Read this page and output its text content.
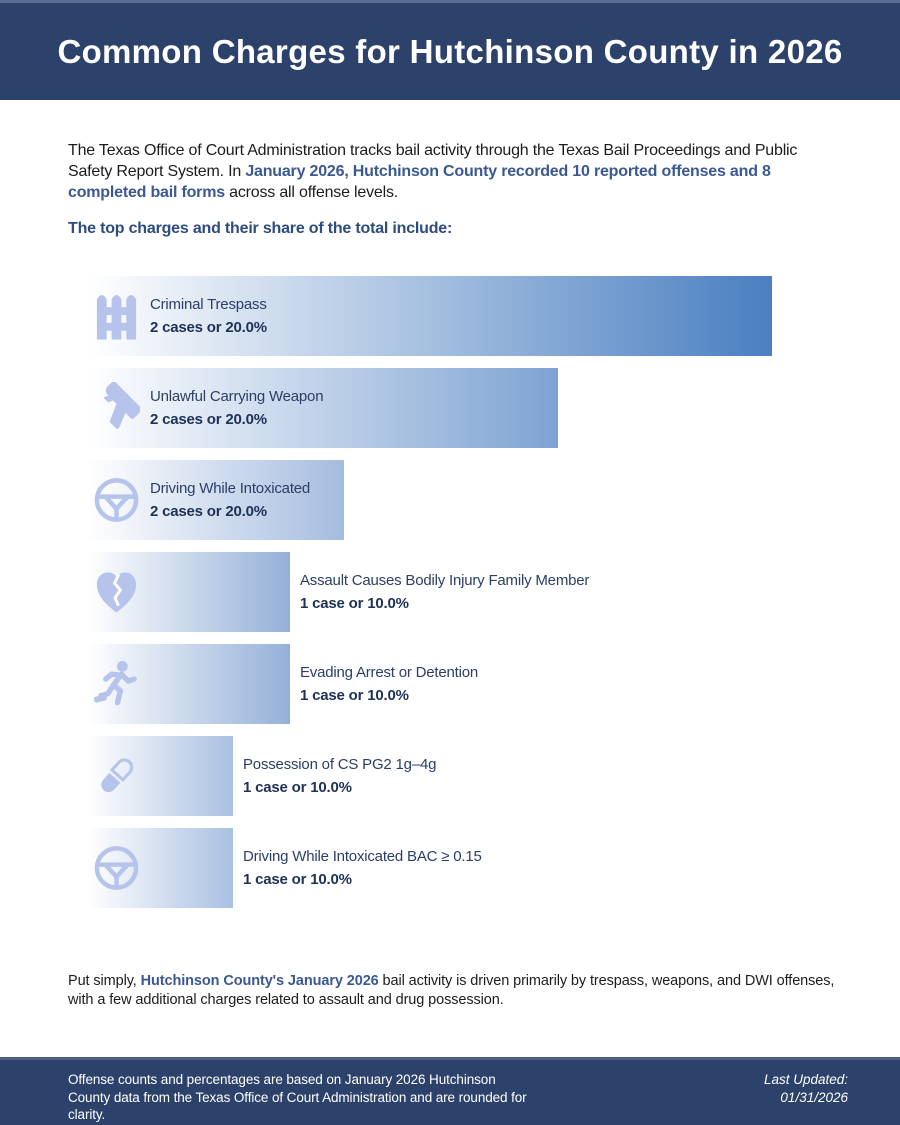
Common Charges for Hutchinson County in 2026

The Texas Office of Court Administration tracks bail activity through the Texas Bail Proceedings and Public Safety Report System. In January 2026, Hutchinson County recorded 10 reported offenses and 8 completed bail forms across all offense levels.

The top charges and their share of the total include:

Criminal Trespass
2 cases or 20.0%
Unlawful Carrying Weapon
2 cases or 20.0%
Driving While Intoxicated
2 cases or 20.0%
Assault Causes Bodily Injury Family Member
1 case or 10.0%
Evading Arrest or Detention
1 case or 10.0%
Possession of CS PG2 1g–4g
1 case or 10.0%
Driving While Intoxicated BAC ≥ 0.15
1 case or 10.0%

Put simply, Hutchinson County's January 2026 bail activity is driven primarily by trespass, weapons, and DWI offenses, with a few additional charges related to assault and drug possession.

Offense counts and percentages are based on January 2026 Hutchinson County data from the Texas Office of Court Administration and are rounded for clarity.

Last Updated:
01/31/2026
